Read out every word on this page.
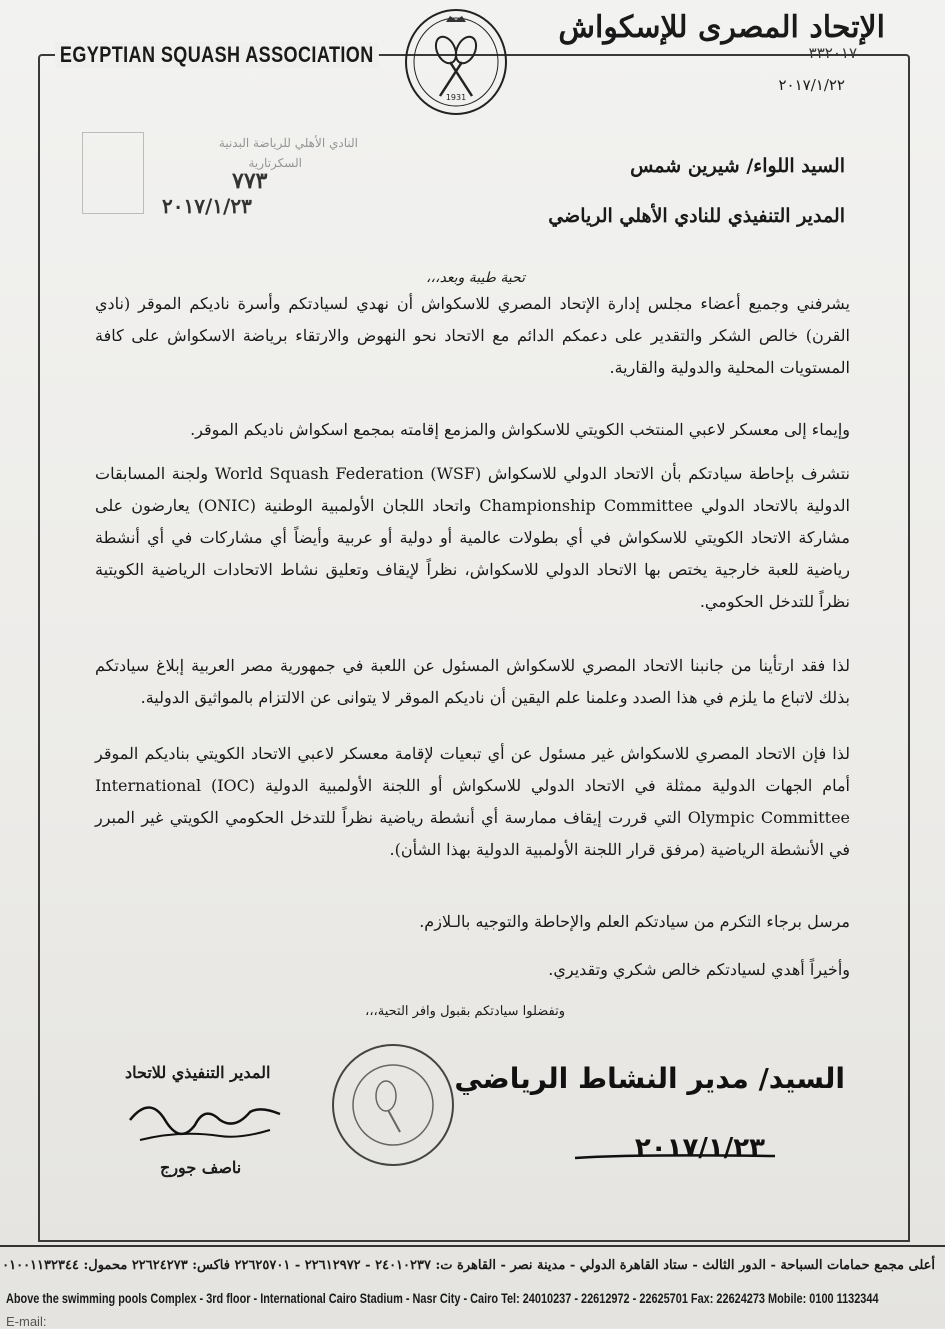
EGYPTIAN SQUASH ASSOCIATION
الإتحاد المصرى للإسكواش
٣٣٢٠١٧
٢٠١٧/١/٢٢
1931
النادي الأهلي للرياضة البدنية
السكرتارية
٧٧٣
٢٠١٧/١/٢٣
السيد اللواء/ شيرين شمس
المدير التنفيذي للنادي الأهلي الرياضي
تحية طيبة وبعد،،،
يشرفني وجميع أعضاء مجلس إدارة الإتحاد المصري للاسكواش أن نهدي لسيادتكم وأسرة ناديكم الموقر (نادي القرن) خالص الشكر والتقدير على دعمكم الدائم مع الاتحاد نحو النهوض والارتقاء برياضة الاسكواش على كافة المستويات المحلية والدولية والقارية.
وإيماء إلى معسكر لاعبي المنتخب الكويتي للاسكواش والمزمع إقامته بمجمع اسكواش ناديكم الموقر.
نتشرف بإحاطة سيادتكم بأن الاتحاد الدولي للاسكواش World Squash Federation (WSF) ولجنة المسابقات الدولية بالاتحاد الدولي Championship Committee واتحاد اللجان الأولمبية الوطنية (ONIC) يعارضون على مشاركة الاتحاد الكويتي للاسكواش في أي بطولات عالمية أو دولية أو عربية وأيضاً أي مشاركات في أي أنشطة رياضية للعبة خارجية يختص بها الاتحاد الدولي للاسكواش، نظراً لإيقاف وتعليق نشاط الاتحادات الرياضية الكويتية نظراً للتدخل الحكومي.
لذا فقد ارتأينا من جانبنا الاتحاد المصري للاسكواش المسئول عن اللعبة في جمهورية مصر العربية إبلاغ سيادتكم بذلك لاتباع ما يلزم في هذا الصدد وعلمنا علم اليقين أن ناديكم الموقر لا يتوانى عن الالتزام بالمواثيق الدولية.
لذا فإن الاتحاد المصري للاسكواش غير مسئول عن أي تبعيات لإقامة معسكر لاعبي الاتحاد الكويتي بناديكم الموقر أمام الجهات الدولية ممثلة في الاتحاد الدولي للاسكواش أو اللجنة الأولمبية الدولية (IOC) International Olympic Committee التي قررت إيقاف ممارسة أي أنشطة رياضية نظراً للتدخل الحكومي الكويتي غير المبرر في الأنشطة الرياضية (مرفق قرار اللجنة الأولمبية الدولية بهذا الشأن).
مرسل برجاء التكرم من سيادتكم العلم والإحاطة والتوجيه بالـلازم.
وأخيراً أهدي لسيادتكم خالص شكري وتقديري.
وتفضلوا سيادتكم بقبول وافر التحية،،،
المدير التنفيذي للاتحاد
ناصف جورج
السيد/ مدير النشاط الرياضي
٢٠١٧/١/٢٣
أعلى مجمع حمامات السباحة - الدور الثالث - ستاد القاهرة الدولي - مدينة نصر - القاهرة ت: ٢٤٠١٠٢٣٧ - ٢٢٦١٢٩٧٢ - ٢٢٦٢٥٧٠١ فاكس: ٢٢٦٢٤٢٧٣ محمول: ٠١٠٠١١٣٢٣٤٤
Above the swimming pools Complex - 3rd floor - International Cairo Stadium - Nasr City - Cairo Tel: 24010237 - 22612972 - 22625701 Fax: 22624273 Mobile: 0100 1132344
E-mail:
